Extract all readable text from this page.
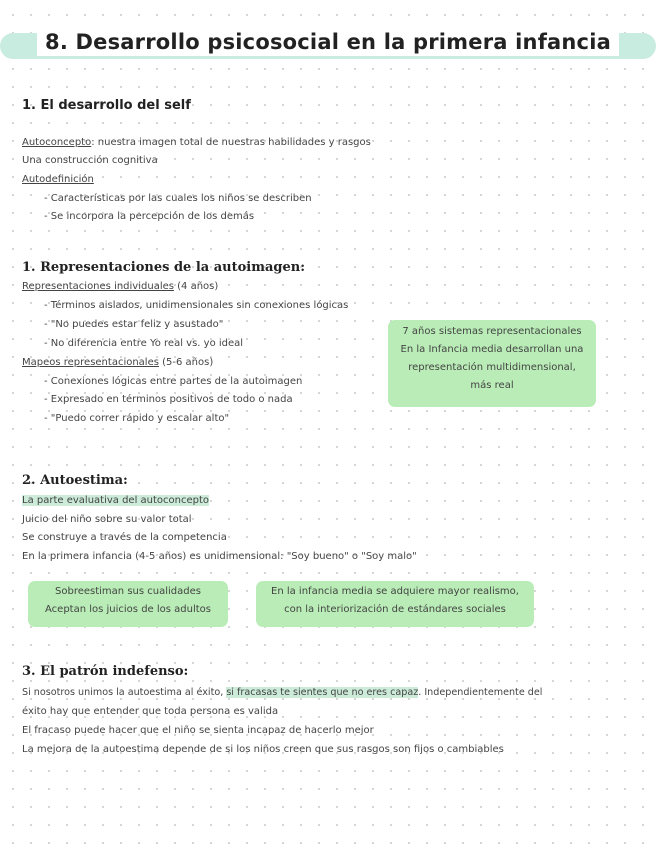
8. Desarrollo psicosocial en la primera infancia
1. El desarrollo del self
Autoconcepto: nuestra imagen total de nuestras habilidades y rasgos
Una construcción cognitiva
Autodefinición
- Características por las cuales los niños se describen
- Se incorpora la percepción de los demás
1. Representaciones de la autoimagen:
Representaciones individuales (4 años)
- Términos aislados, unidimensionales sin conexiones lógicas
- "No puedes estar feliz y asustado"
- No diferencia entre Yo real vs. yo ideal
Mapeos representacionales (5-6 años)
- Conexiones lógicas entre partes de la autoimagen
- Expresado en términos positivos de todo o nada
- "Puedo correr rápido y escalar alto"
7 años sistemas representacionales
En la Infancia media desarrollan una
representación multidimensional,
más real
2. Autoestima:
La parte evaluativa del autoconcepto
Juicio del niño sobre su valor total
Se construye a través de la competencia
En la primera infancia (4-5 años) es unidimensional: "Soy bueno" o "Soy malo"
Sobreestiman sus cualidades
Aceptan los juicios de los adultos
En la infancia media se adquiere mayor realismo,
con la interiorización de estándares sociales
3. El patrón indefenso:
Si nosotros unimos la autoestima al éxito, si fracasas te sientes que no eres capaz. Independientemente del
éxito hay que entender que toda persona es valida
El fracaso puede hacer que el niño se sienta incapaz de hacerlo mejor
La mejora de la autoestima depende de si los niños creen que sus rasgos son fijos o cambiables
